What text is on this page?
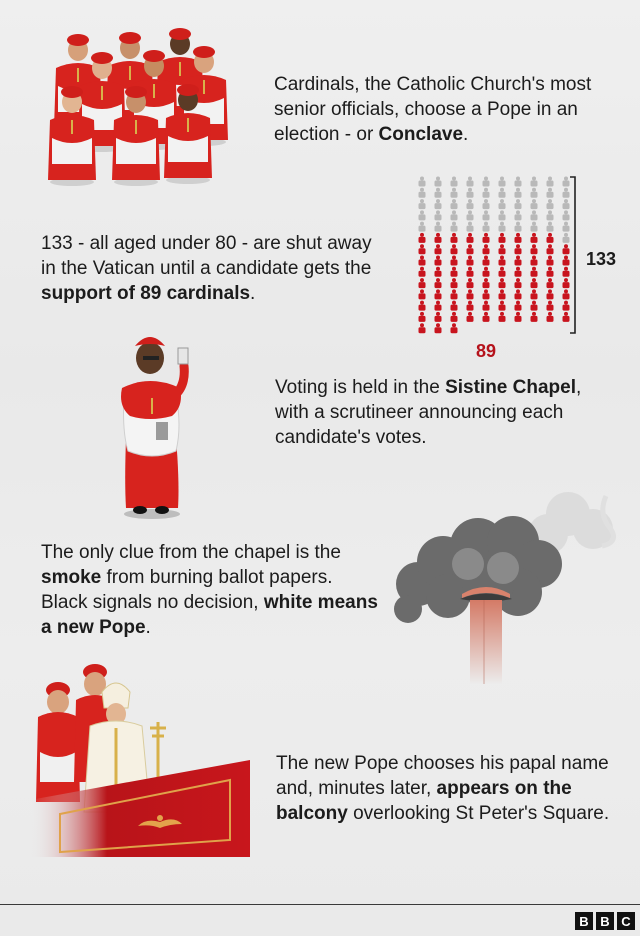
Cardinals, the Catholic Church's most senior officials, choose a Pope in an election - or Conclave.
133 - all aged under 80 - are shut away in the Vatican until a candidate gets the support of 89 cardinals.
133
89
Voting is held in the Sistine Chapel, with a scrutineer announcing each candidate's votes.
The only clue from the chapel is the smoke from burning ballot papers. Black signals no decision, white means a new Pope.
The new Pope chooses his papal name and, minutes later, appears on the balcony overlooking St Peter's Square.
B B C
